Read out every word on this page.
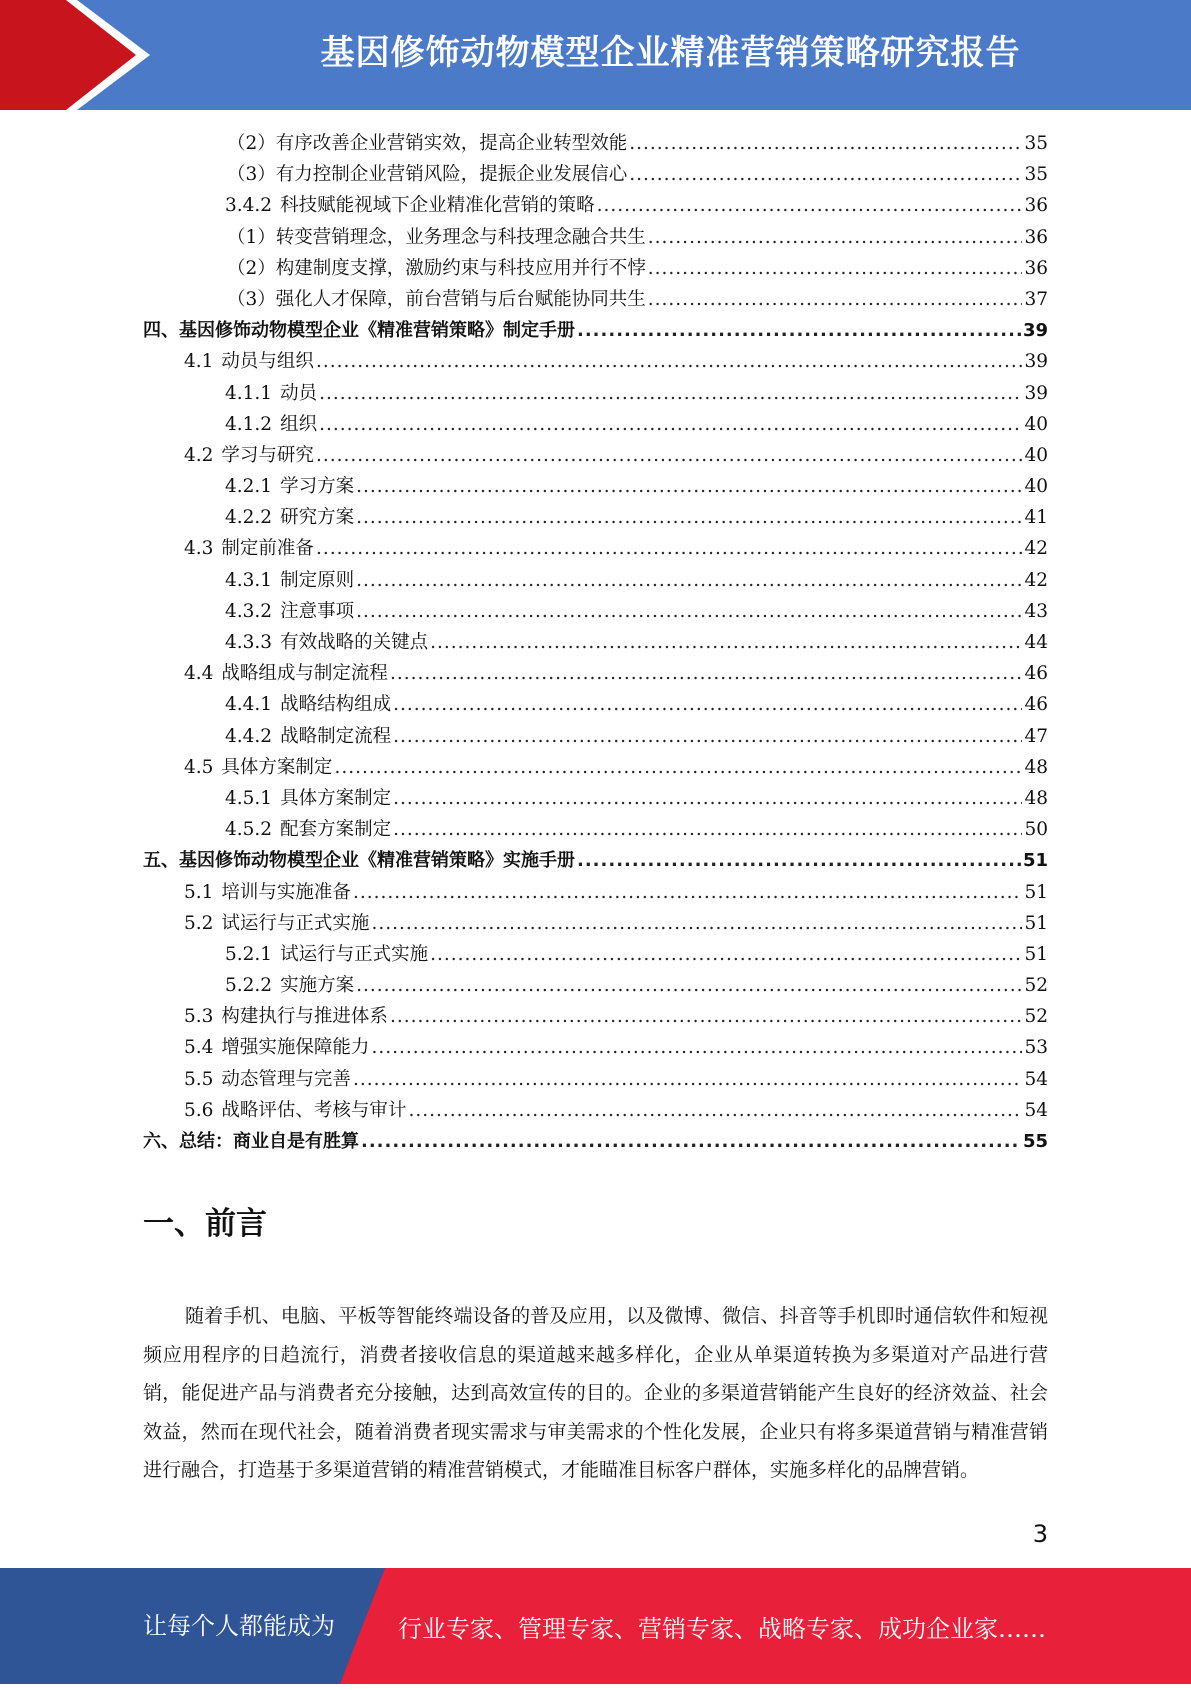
基因修饰动物模型企业精准营销策略研究报告
（2）有序改善企业营销实效，提高企业转型效能 .....	35
（3）有力控制企业营销风险，提振企业发展信心 .....	35
3.4.2 科技赋能视域下企业精准化营销的策略 .....	36
（1）转变营销理念，业务理念与科技理念融合共生 .....	36
（2）构建制度支撑，激励约束与科技应用并行不悖 .....	36
（3）强化人才保障，前台营销与后台赋能协同共生 .....	37
四、基因修饰动物模型企业《精准营销策略》制定手册 .....	39
4.1 动员与组织 .....	39
4.1.1 动员 .....	39
4.1.2 组织 .....	40
4.2 学习与研究 .....	40
4.2.1 学习方案 .....	40
4.2.2 研究方案 .....	41
4.3 制定前准备 .....	42
4.3.1 制定原则 .....	42
4.3.2 注意事项 .....	43
4.3.3 有效战略的关键点 .....	44
4.4 战略组成与制定流程 .....	46
4.4.1 战略结构组成 .....	46
4.4.2 战略制定流程 .....	47
4.5 具体方案制定 .....	48
4.5.1 具体方案制定 .....	48
4.5.2 配套方案制定 .....	50
五、基因修饰动物模型企业《精准营销策略》实施手册 .....	51
5.1 培训与实施准备 .....	51
5.2 试运行与正式实施 .....	51
5.2.1 试运行与正式实施 .....	51
5.2.2 实施方案 .....	52
5.3 构建执行与推进体系 .....	52
5.4 增强实施保障能力 .....	53
5.5 动态管理与完善 .....	54
5.6 战略评估、考核与审计 .....	54
六、总结：商业自是有胜算 .....	55
一、前言

随着手机、电脑、平板等智能终端设备的普及应用，以及微博、微信、抖音等手机即时通信软件和短视频应用程序的日趋流行，消费者接收信息的渠道越来越多样化，企业从单渠道转换为多渠道对产品进行营销，能促进产品与消费者充分接触，达到高效宣传的目的。企业的多渠道营销能产生良好的经济效益、社会效益，然而在现代社会，随着消费者现实需求与审美需求的个性化发展，企业只有将多渠道营销与精准营销进行融合，打造基于多渠道营销的精准营销模式，才能瞄准目标客户群体，实施多样化的品牌营销。

3
让每个人都能成为	行业专家、管理专家、营销专家、战略专家、成功企业家……
